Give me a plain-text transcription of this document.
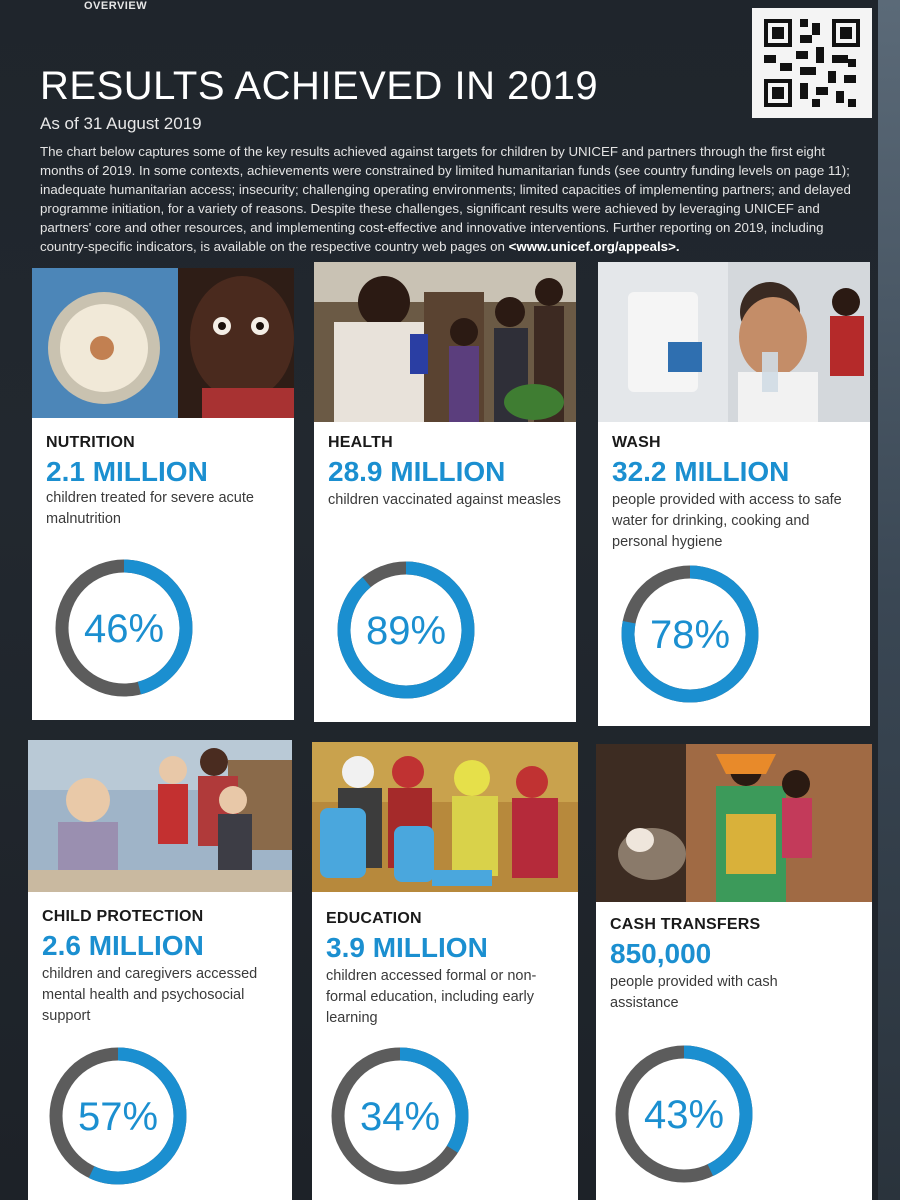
OVERVIEW
RESULTS ACHIEVED IN 2019
As of 31 August 2019
The chart below captures some of the key results achieved against targets for children by UNICEF and partners through the first eight months of 2019. In some contexts, achievements were constrained by limited humanitarian funds (see country funding levels on page 11); inadequate humanitarian access; insecurity; challenging operating environments; limited capacities of implementing partners; and delayed programme initiation, for a variety of reasons. Despite these challenges, significant results were achieved by leveraging UNICEF and partners' core and other resources, and implementing cost-effective and innovative interventions. Further reporting on 2019, including country-specific indicators, is available on the respective country web pages on <www.unicef.org/appeals>.
NUTRITION
2.1 MILLION
children treated for severe acute malnutrition
46%
HEALTH
28.9 MILLION
children vaccinated against measles
89%
WASH
32.2 MILLION
people provided with access to safe water for drinking, cooking and personal hygiene
78%
CHILD PROTECTION
2.6 MILLION
children and caregivers accessed mental health and psychosocial support
57%
EDUCATION
3.9 MILLION
children accessed formal or non-formal education, including early learning
34%
CASH TRANSFERS
850,000
people provided with cash assistance
43%
